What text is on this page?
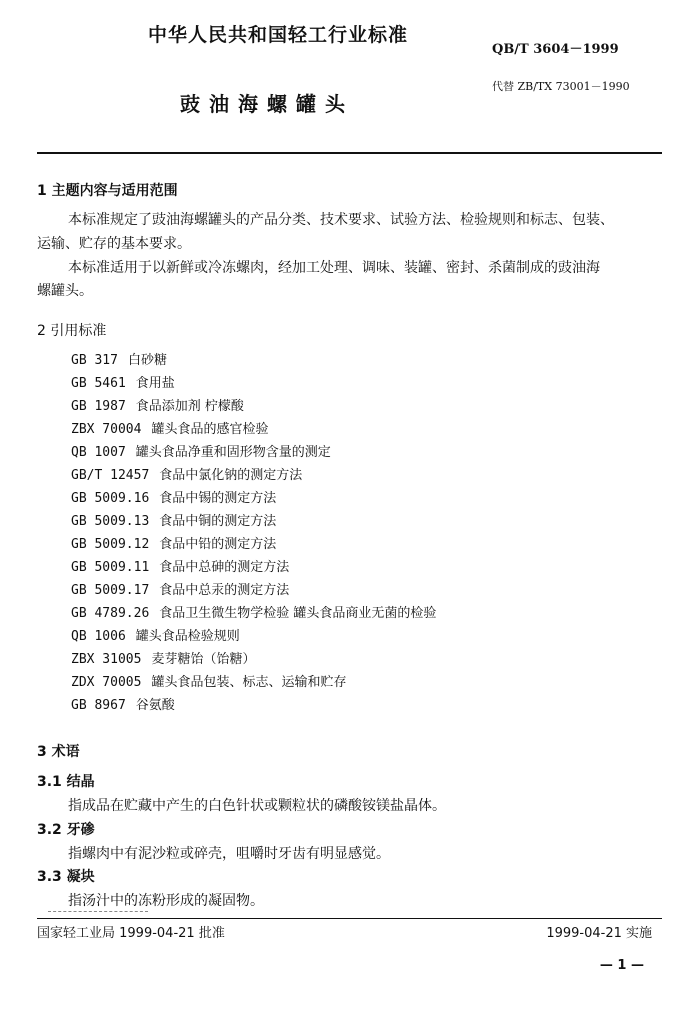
中华人民共和国轻工行业标准
QB/T 3604－1999
代替 ZB/TX 73001－1990
豉油海螺罐头
1 主题内容与适用范围
本标准规定了豉油海螺罐头的产品分类、技术要求、试验方法、检验规则和标志、包装、
运输、贮存的基本要求。
本标准适用于以新鲜或冷冻螺肉，经加工处理、调味、装罐、密封、杀菌制成的豉油海
螺罐头。
2 引用标准
GB 317 白砂糖
GB 5461 食用盐
GB 1987 食品添加剂 柠檬酸
ZBX 70004 罐头食品的感官检验
QB 1007 罐头食品净重和固形物含量的测定
GB/T 12457 食品中氯化钠的测定方法
GB 5009.16 食品中锡的测定方法
GB 5009.13 食品中铜的测定方法
GB 5009.12 食品中铅的测定方法
GB 5009.11 食品中总砷的测定方法
GB 5009.17 食品中总汞的测定方法
GB 4789.26 食品卫生微生物学检验 罐头食品商业无菌的检验
QB 1006 罐头食品检验规则
ZBX 31005 麦芽糖饴（饴糖）
ZDX 70005 罐头食品包装、标志、运输和贮存
GB 8967 谷氨酸
3 术语
3.1 结晶
指成品在贮藏中产生的白色针状或颗粒状的磷酸铵镁盐晶体。
3.2 牙碜
指螺肉中有泥沙粒或碎壳，咀嚼时牙齿有明显感觉。
3.3 凝块
指汤汁中的冻粉形成的凝固物。
国家轻工业局 1999-04-21 批准	1999-04-21 实施
— 1 —
